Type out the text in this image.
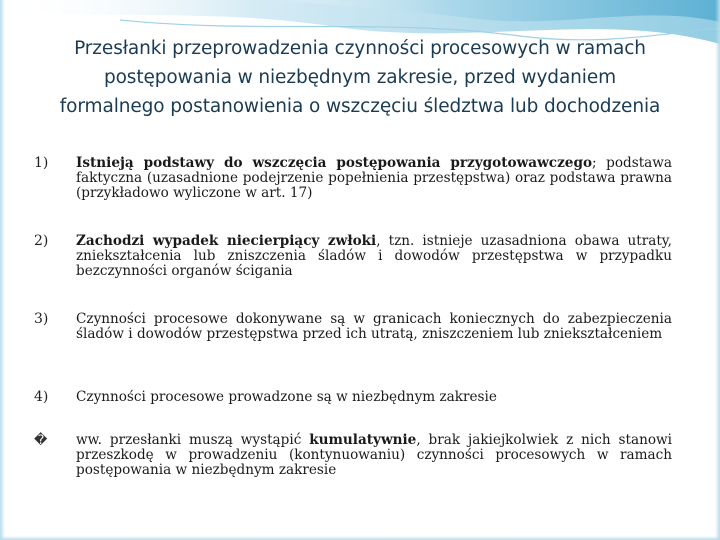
Przesłanki przeprowadzenia czynności procesowych w ramach
postępowania w niezbędnym zakresie, przed wydaniem
formalnego postanowienia o wszczęciu śledztwa lub dochodzenia
1)	Istnieją podstawy do wszczęcia postępowania przygotowawczego; podstawa faktyczna (uzasadnione podejrzenie popełnienia przestępstwa) oraz podstawa prawna (przykładowo wyliczone w art. 17)
2)	Zachodzi wypadek niecierpiący zwłoki, tzn. istnieje uzasadniona obawa utraty, zniekształcenia lub zniszczenia śladów i dowodów przestępstwa w przypadku bezczynności organów ścigania
3)	Czynności procesowe dokonywane są w granicach koniecznych do zabezpieczenia śladów i dowodów przestępstwa przed ich utratą, zniszczeniem lub zniekształceniem
4)	Czynności procesowe prowadzone są w niezbędnym zakresie
�	ww. przesłanki muszą wystąpić kumulatywnie, brak jakiejkolwiek z nich stanowi przeszkodę w prowadzeniu (kontynuowaniu) czynności procesowych w ramach postępowania w niezbędnym zakresie
